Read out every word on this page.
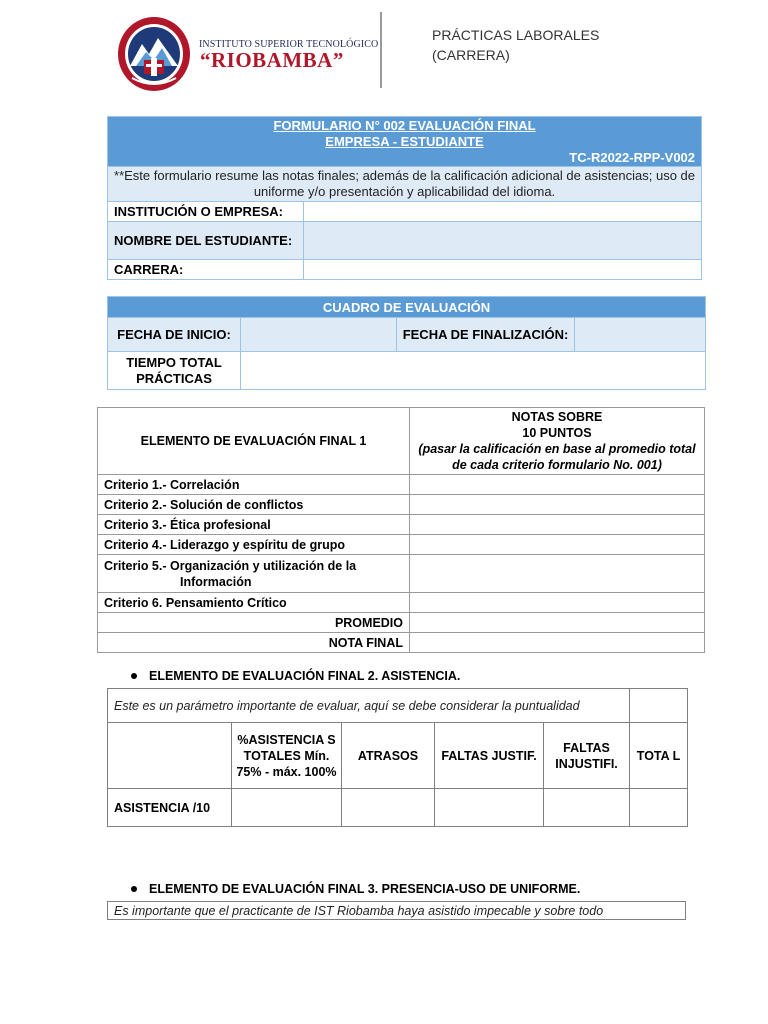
INSTITUTO SUPERIOR TECNOLÓGICO
“RIOBAMBA”
PRÁCTICAS LABORALES
(CARRERA)
FORMULARIO N° 002 EVALUACIÓN FINAL
EMPRESA - ESTUDIANTE
TC-R2022-RPP-V002	

**Este formulario resume las notas finales; además de la calificación adicional de asistencias; uso de uniforme y/o presentación y aplicabilidad del idioma.	
INSTITUCIÓN O EMPRESA:	
NOMBRE DEL ESTUDIANTE:	
CARRERA:	
CUADRO DE EVALUACIÓN			
FECHA DE INICIO:		FECHA DE FINALIZACIÓN:	
TIEMPO TOTAL PRÁCTICAS			
ELEMENTO DE EVALUACIÓN FINAL 1	NOTAS SOBRE
10 PUNTOS
(pasar la calificación en base al promedio total de cada criterio formulario No. 001)

Criterio 1.- Correlación	
Criterio 2.- Solución de conflictos	
Criterio 3.- Ética profesional	
Criterio 4.- Liderazgo y espíritu de grupo	

Criterio 5.- Organización y utilización de la
Información	

Criterio 6. Pensamiento Crítico	
PROMEDIO	
NOTA FINAL	
ELEMENTO DE EVALUACIÓN FINAL 2. ASISTENCIA.
Este es un parámetro importante de evaluar, aquí se debe considerar la puntualidad					
	%ASISTENCIA S TOTALES Mín. 75% - máx. 100%	ATRASOS	FALTAS JUSTIF.	FALTAS INJUSTIFI.	TOTA L
ASISTENCIA /10					
ELEMENTO DE EVALUACIÓN FINAL 3. PRESENCIA-USO DE UNIFORME.
Es importante que el practicante de IST Riobamba haya asistido impecable y sobre todo
